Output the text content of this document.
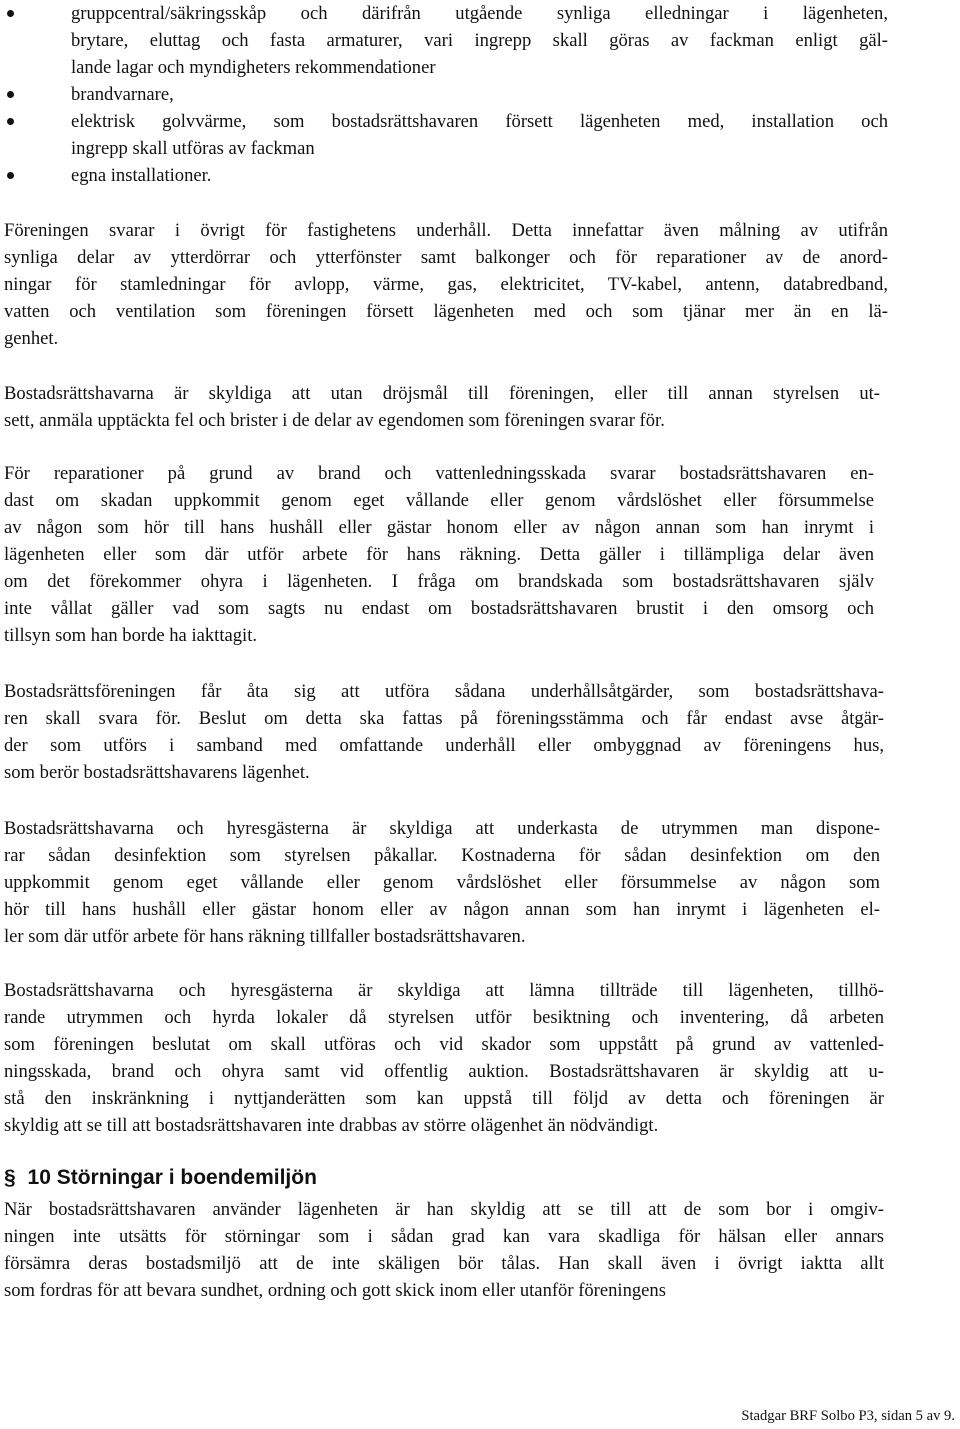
gruppcentral/säkringsskåp och därifrån utgående synliga elledningar i lägenheten,
brytare, eluttag och fasta armaturer, vari ingrepp skall göras av fackman enligt gäl-
lande lagar och myndigheters rekommendationer
brandvarnare,
elektrisk golvvärme, som bostadsrättshavaren försett lägenheten med, installation och
ingrepp skall utföras av fackman
egna installationer.
Föreningen svarar i övrigt för fastighetens underhåll. Detta innefattar även målning av utifrån
synliga delar av ytterdörrar och ytterfönster samt balkonger och för reparationer av de anord-
ningar för stamledningar för avlopp, värme, gas, elektricitet, TV-kabel, antenn, databredband,
vatten och ventilation som föreningen försett lägenheten med och som tjänar mer än en lä-
genhet.
Bostadsrättshavarna är skyldiga att utan dröjsmål till föreningen, eller till annan styrelsen ut-
sett, anmäla upptäckta fel och brister i de delar av egendomen som föreningen svarar för.
För reparationer på grund av brand och vattenledningsskada svarar bostadsrättshavaren en-
dast om skadan uppkommit genom eget vållande eller genom vårdslöshet eller försummelse
av någon som hör till hans hushåll eller gästar honom eller av någon annan som han inrymt i
lägenheten eller som där utför arbete för hans räkning. Detta gäller i tillämpliga delar även
om det förekommer ohyra i lägenheten. I fråga om brandskada som bostadsrättshavaren själv
inte vållat gäller vad som sagts nu endast om bostadsrättshavaren brustit i den omsorg och
tillsyn som han borde ha iakttagit.
Bostadsrättsföreningen får åta sig att utföra sådana underhållsåtgärder, som bostadsrättshava-
ren skall svara för. Beslut om detta ska fattas på föreningsstämma och får endast avse åtgär-
der som utförs i samband med omfattande underhåll eller ombyggnad av föreningens hus,
som berör bostadsrättshavarens lägenhet.
Bostadsrättshavarna och hyresgästerna är skyldiga att underkasta de utrymmen man dispone-
rar sådan desinfektion som styrelsen påkallar. Kostnaderna för sådan desinfektion om den
uppkommit genom eget vållande eller genom vårdslöshet eller försummelse av någon som
hör till hans hushåll eller gästar honom eller av någon annan som han inrymt i lägenheten el-
ler som där utför arbete för hans räkning tillfaller bostadsrättshavaren.
Bostadsrättshavarna och hyresgästerna är skyldiga att lämna tillträde till lägenheten, tillhö-
rande utrymmen och hyrda lokaler då styrelsen utför besiktning och inventering, då arbeten
som föreningen beslutat om skall utföras och vid skador som uppstått på grund av vattenled-
ningsskada, brand och ohyra samt vid offentlig auktion. Bostadsrättshavaren är skyldig att u-
stå den inskränkning i nyttjanderätten som kan uppstå till följd av detta och föreningen är
skyldig att se till att bostadsrättshavaren inte drabbas av större olägenhet än nödvändigt.
§ 10 Störningar i boendemiljön
När bostadsrättshavaren använder lägenheten är han skyldig att se till att de som bor i omgiv-
ningen inte utsätts för störningar som i sådan grad kan vara skadliga för hälsan eller annars
försämra deras bostadsmiljö att de inte skäligen bör tålas. Han skall även i övrigt iaktta allt
som fordras för att bevara sundhet, ordning och gott skick inom eller utanför föreningens
Stadgar BRF Solbo P3, sidan 5 av 9.
